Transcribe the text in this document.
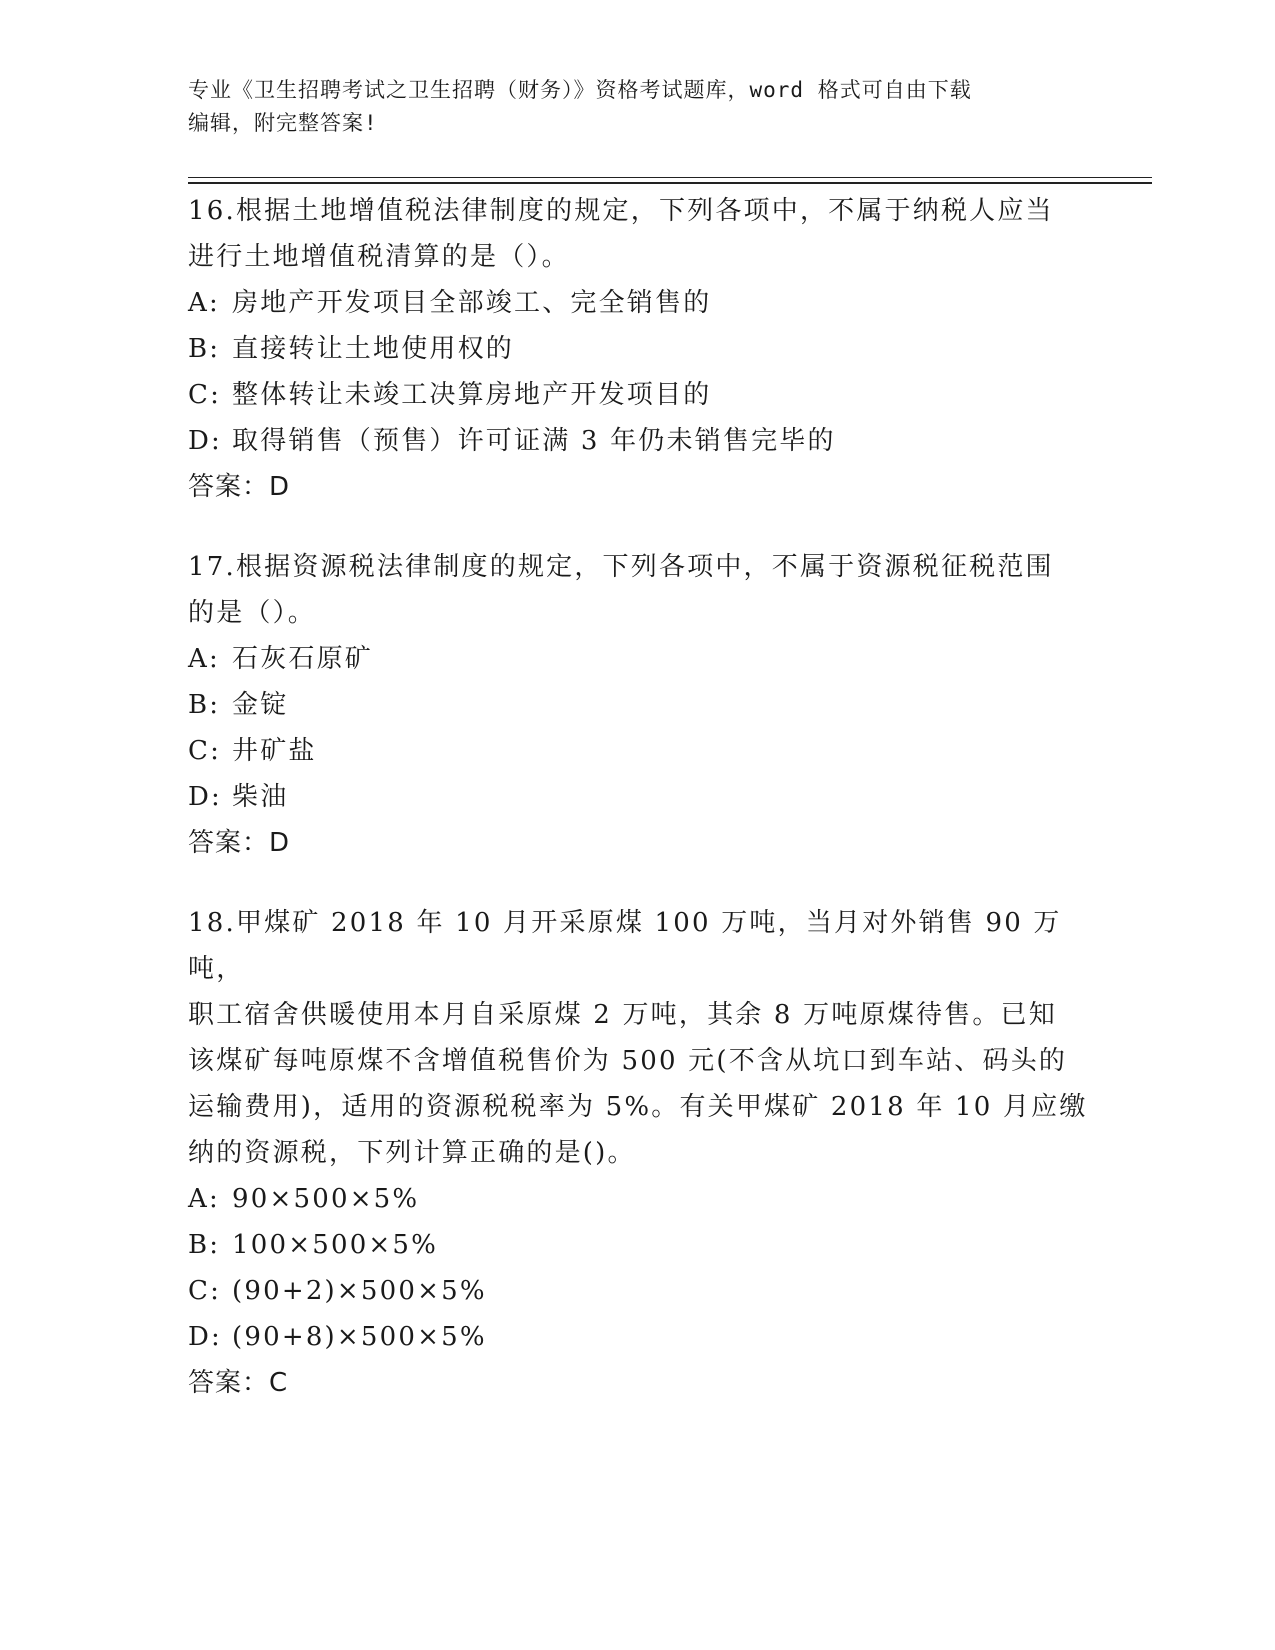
专业《卫生招聘考试之卫生招聘（财务）》资格考试题库，word 格式可自由下载
编辑，附完整答案!

16.根据土地增值税法律制度的规定，下列各项中，不属于纳税人应当

进行土地增值税清算的是（）。

A: 房地产开发项目全部竣工、完全销售的
B: 直接转让土地使用权的
C: 整体转让未竣工决算房地产开发项目的
D: 取得销售（预售）许可证满 3 年仍未销售完毕的

答案：D

17.根据资源税法律制度的规定，下列各项中，不属于资源税征税范围

的是（）。

A: 石灰石原矿
B: 金锭
C: 井矿盐
D: 柴油

答案：D

18.甲煤矿 2018 年 10 月开采原煤 100 万吨，当月对外销售 90 万吨，

职工宿舍供暖使用本月自采原煤 2 万吨，其余 8 万吨原煤待售。已知

该煤矿每吨原煤不含增值税售价为 500 元(不含从坑口到车站、码头的

运输费用)，适用的资源税税率为 5%。有关甲煤矿 2018 年 10 月应缴

纳的资源税，下列计算正确的是()。

A: 90×500×5%
B: 100×500×5%
C: (90+2)×500×5%
D: (90+8)×500×5%

答案：C
